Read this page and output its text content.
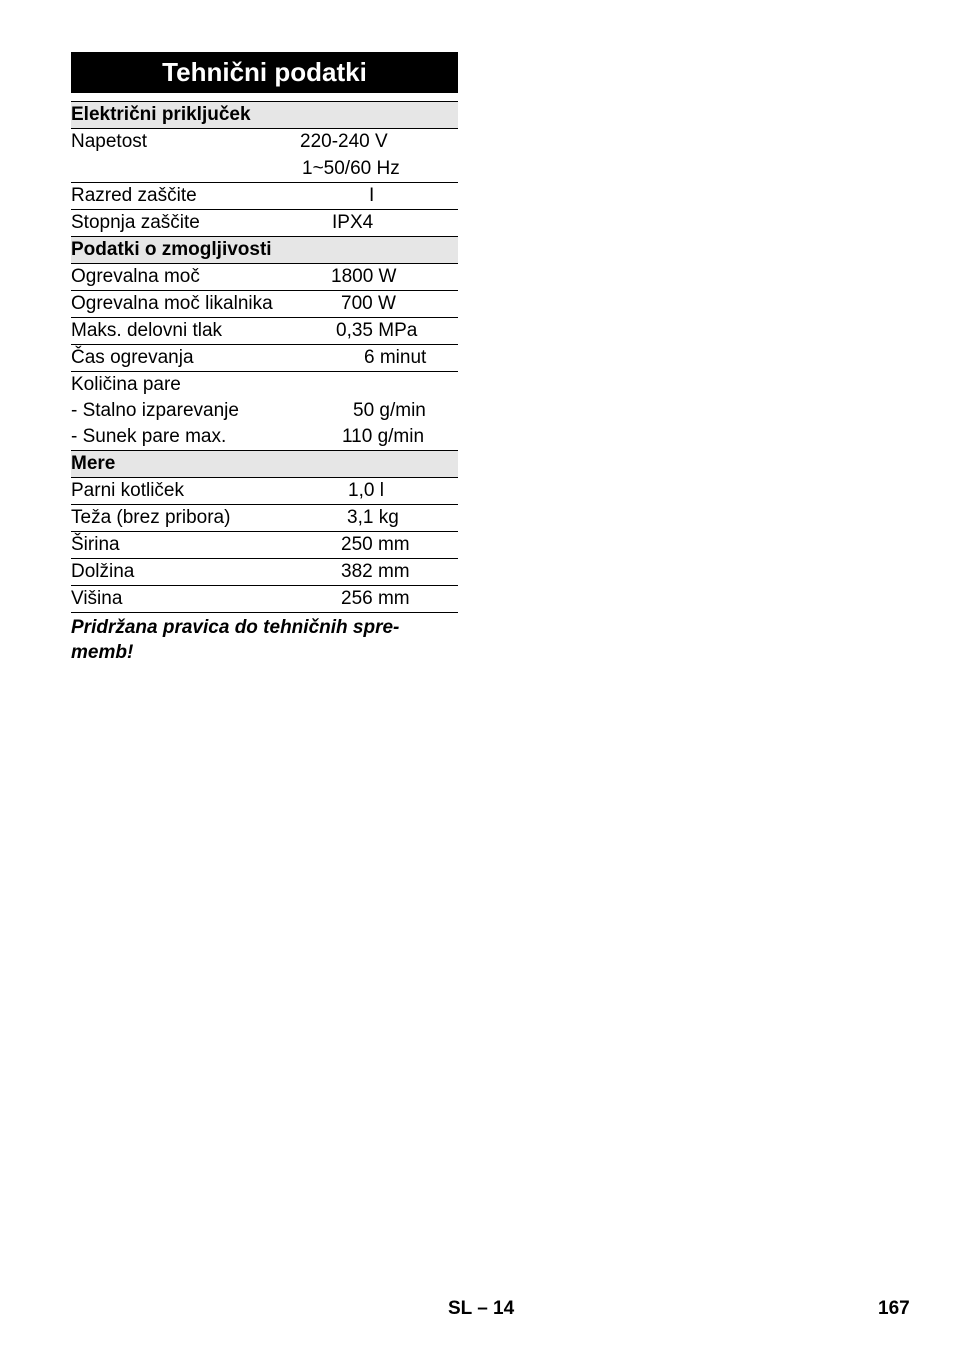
Tehnični podatki
Električni priključek
Napetost	220-240 V
1~50/60 Hz
Razred zaščite	I
Stopnja zaščite	IPX4
Podatki o zmogljivosti
Ogrevalna moč	1800 W
Ogrevalna moč likalnika	700 W
Maks. delovni tlak	0,35 MPa
Čas ogrevanja	6 minut
Količina pare
- Stalno izparevanje	50 g/min
- Sunek pare max.	110 g/min
Mere
Parni kotliček	1,0 l
Teža (brez pribora)	3,1 kg
Širina	250 mm
Dolžina	382 mm
Višina	256 mm
Pridržana pravica do tehničnih spre- memb!
SL – 14	167
